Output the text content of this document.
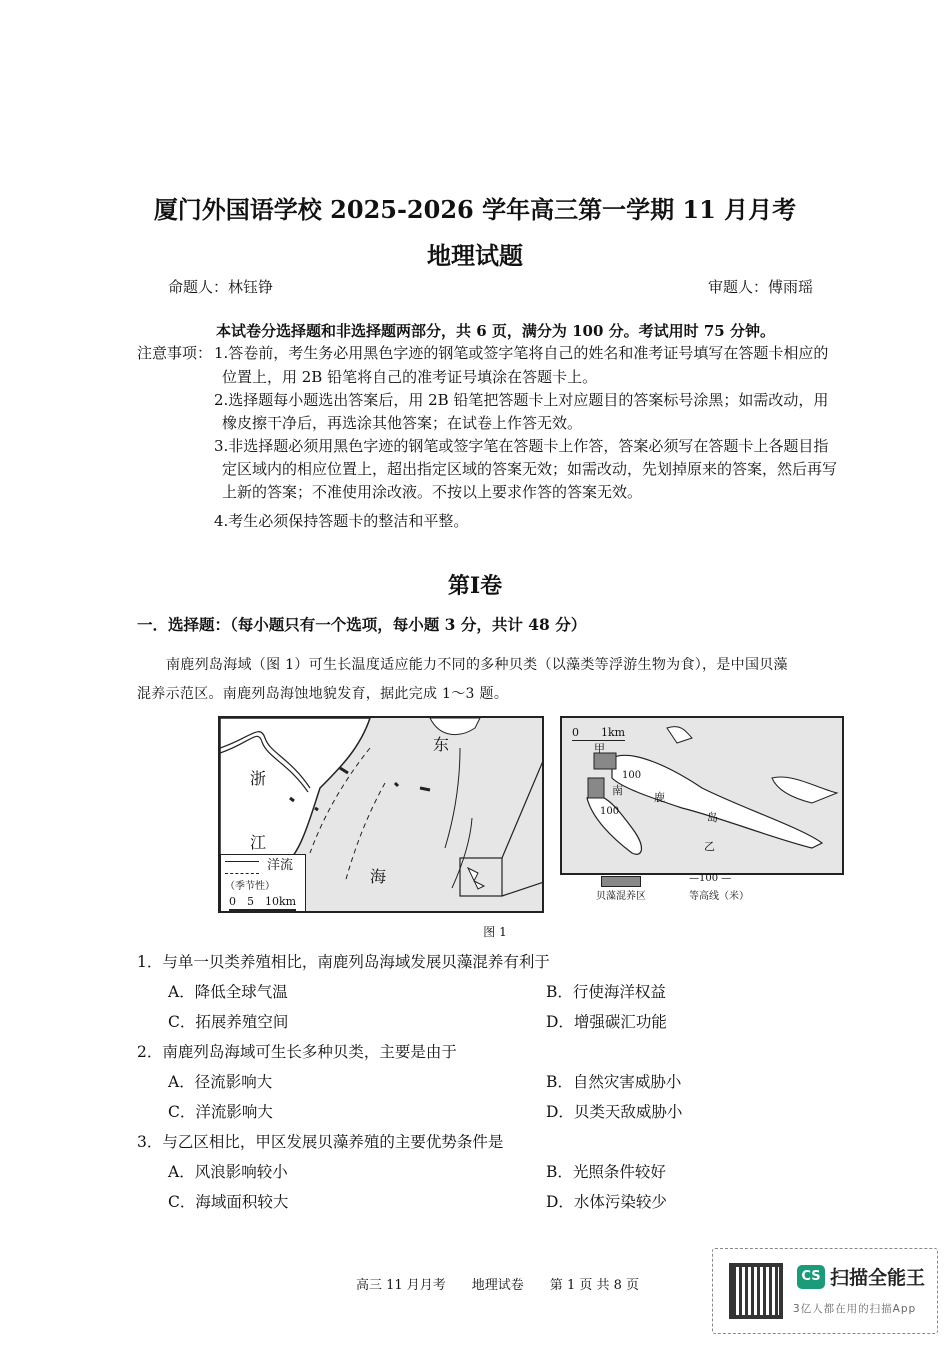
厦门外国语学校 2025-2026 学年高三第一学期 11 月月考
地理试题
命题人：林钰铮	审题人：傅雨瑶
本试卷分选择题和非选择题两部分，共 6 页，满分为 100 分。考试用时 75 分钟。
注意事项： 1.答卷前，考生务必用黑色字迹的钢笔或签字笔将自己的姓名和准考证号填写在答题卡相应的
位置上，用 2B 铅笔将自己的准考证号填涂在答题卡上。
2.选择题每小题选出答案后，用 2B 铅笔把答题卡上对应题目的答案标号涂黑；如需改动，用
橡皮擦干净后，再选涂其他答案；在试卷上作答无效。
3.非选择题必须用黑色字迹的钢笔或签字笔在答题卡上作答，答案必须写在答题卡上各题目指
定区域内的相应位置上，超出指定区域的答案无效；如需改动，先划掉原来的答案，然后再写
上新的答案；不准使用涂改液。不按以上要求作答的答案无效。
4.考生必须保持答题卡的整洁和平整。
第Ⅰ卷
一．选择题：（每小题只有一个选项，每小题 3 分，共计 48 分）
南鹿列岛海域（图 1）可生长温度适应能力不同的多种贝类（以藻类等浮游生物为食），是中国贝藻
混养示范区。南鹿列岛海蚀地貌发育，据此完成 1～3 题。
浙
江
东
海
洋流
（季节性）
0　5　10km
0　　1km
甲
南
鹿
岛
乙
100
100
贝藻混养区
—100 —
等高线（米）
图 1
1．与单一贝类养殖相比，南鹿列岛海域发展贝藻混养有利于
A．降低全球气温	B．行使海洋权益
C．拓展养殖空间	D．增强碳汇功能
2．南鹿列岛海域可生长多种贝类，主要是由于
A．径流影响大	B．自然灾害威胁小
C．洋流影响大	D．贝类天敌威胁小
3．与乙区相比，甲区发展贝藻养殖的主要优势条件是
A．风浪影响较小	B．光照条件较好
C．海域面积较大	D．水体污染较少
高三 11 月月考　　地理试卷　　第 1 页 共 8 页
CS 扫描全能王
3亿人都在用的扫描App
